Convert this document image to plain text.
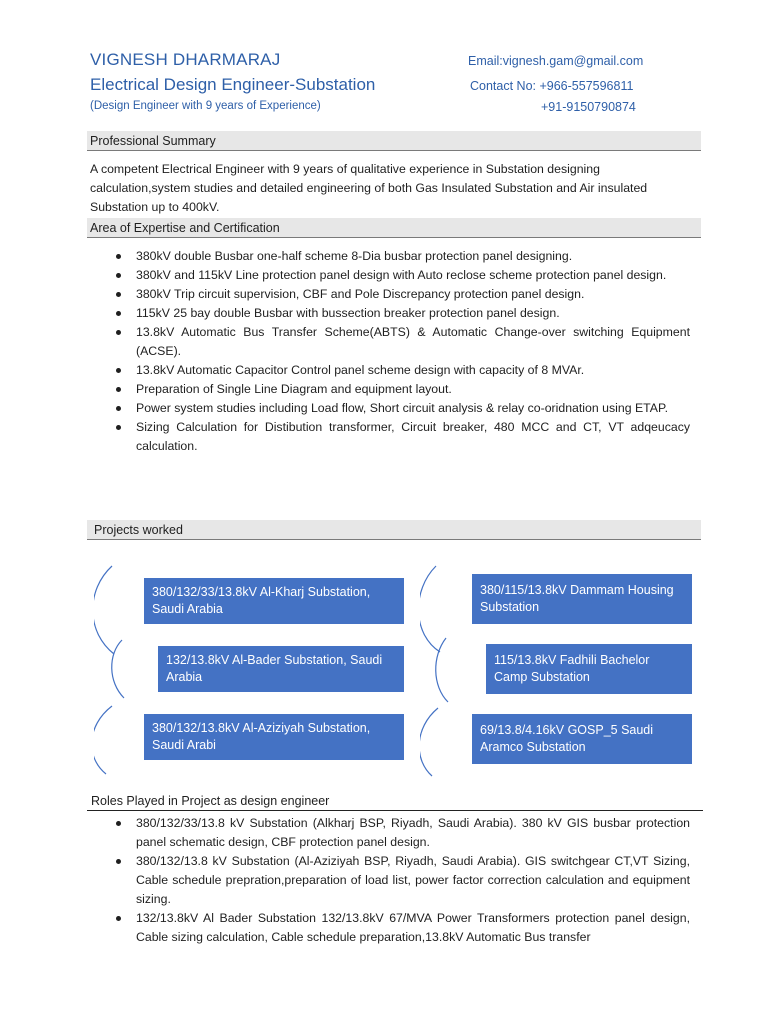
VIGNESH DHARMARAJ
Electrical Design Engineer-Substation
(Design Engineer with 9 years of Experience)
Email:vignesh.gam@gmail.com
Contact No: +966-557596811
+91-9150790874
Professional Summary
A competent Electrical Engineer with 9 years of qualitative experience in Substation designing calculation,system studies and detailed engineering of both Gas Insulated Substation and Air insulated Substation up to 400kV.
Area of Expertise and Certification
380kV double Busbar one-half scheme 8-Dia busbar protection panel designing.
380kV and 115kV Line protection panel design with Auto reclose scheme protection panel design.
380kV Trip circuit supervision, CBF and Pole Discrepancy protection panel design.
115kV 25 bay double Busbar with bussection breaker protection panel design.
13.8kV Automatic Bus Transfer Scheme(ABTS) & Automatic Change-over switching Equipment (ACSE).
13.8kV Automatic Capacitor Control panel scheme design with capacity of 8 MVAr.
Preparation of Single Line Diagram and equipment layout.
Power system studies including Load flow, Short circuit analysis & relay co-oridnation using ETAP.
Sizing Calculation for Distibution transformer, Circuit breaker, 480 MCC and CT, VT adqeucacy calculation.
Projects worked
380/132/33/13.8kV Al-Kharj Substation, Saudi Arabia
132/13.8kV Al-Bader Substation, Saudi Arabia
380/132/13.8kV Al-Aziziyah Substation, Saudi Arabi
380/115/13.8kV Dammam Housing Substation
115/13.8kV Fadhili Bachelor Camp Substation
69/13.8/4.16kV GOSP_5 Saudi Aramco Substation
Roles Played in Project as design engineer
380/132/33/13.8 kV Substation (Alkharj BSP, Riyadh, Saudi Arabia). 380 kV GIS busbar protection panel schematic design, CBF protection panel design.
380/132/13.8 kV Substation (Al-Aziziyah BSP, Riyadh, Saudi Arabia). GIS switchgear CT,VT Sizing, Cable schedule prepration,preparation of load list, power factor correction calculation and equipment sizing.
132/13.8kV Al Bader Substation 132/13.8kV 67/MVA Power Transformers protection panel design, Cable sizing calculation, Cable schedule preparation,13.8kV Automatic Bus transfer
